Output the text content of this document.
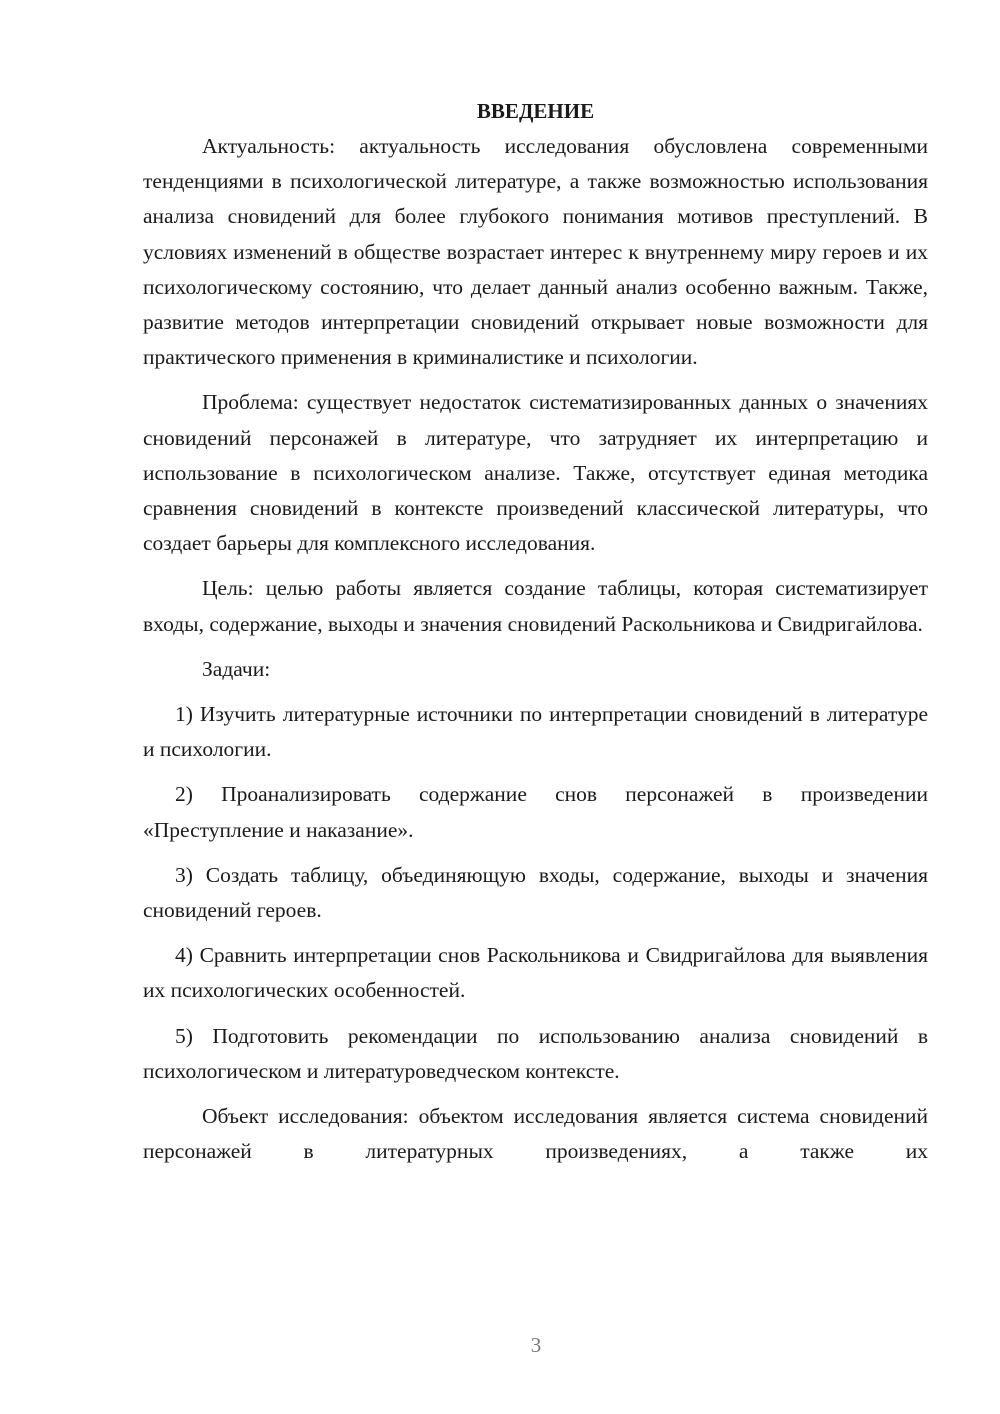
ВВЕДЕНИЕ

Актуальность: актуальность исследования обусловлена современными тенденциями в психологической литературе, а также возможностью использования анализа сновидений для более глубокого понимания мотивов преступлений. В условиях изменений в обществе возрастает интерес к внутреннему миру героев и их психологическому состоянию, что делает данный анализ особенно важным. Также, развитие методов интерпретации сновидений открывает новые возможности для практического применения в криминалистике и психологии.

Проблема: существует недостаток систематизированных данных о значениях сновидений персонажей в литературе, что затрудняет их интерпретацию и использование в психологическом анализе. Также, отсутствует единая методика сравнения сновидений в контексте произведений классической литературы, что создает барьеры для комплексного исследования.

Цель: целью работы является создание таблицы, которая систематизирует входы, содержание, выходы и значения сновидений Раскольникова и Свидригайлова.

Задачи:

1) Изучить литературные источники по интерпретации сновидений в литературе и психологии.

2) Проанализировать содержание снов персонажей в произведении «Преступление и наказание».

3) Создать таблицу, объединяющую входы, содержание, выходы и значения сновидений героев.

4) Сравнить интерпретации снов Раскольникова и Свидригайлова для выявления их психологических особенностей.

5) Подготовить рекомендации по использованию анализа сновидений в психологическом и литературоведческом контексте.

Объект исследования: объектом исследования является система сновидений персонажей в литературных произведениях, а также их

3
